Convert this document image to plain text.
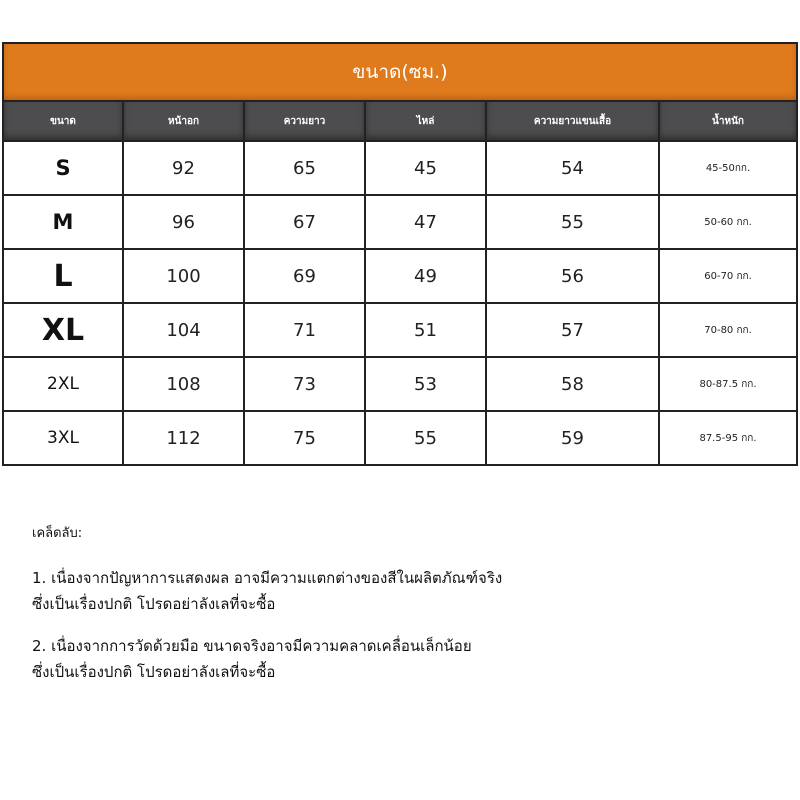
ขนาด(ซม.)
ขนาด	หน้าอก	ความยาว	ไหล่	ความยาวแขนเสื้อ	น้ำหนัก
S	92	65	45	54	45-50กก.
M	96	67	47	55	50-60 กก.
L	100	69	49	56	60-70 กก.
XL	104	71	51	57	70-80 กก.
2XL	108	73	53	58	80-87.5 กก.
3XL	112	75	55	59	87.5-95 กก.
เคล็ดลับ:
1. เนื่องจากปัญหาการแสดงผล อาจมีความแตกต่างของสีในผลิตภัณฑ์จริง
ซึ่งเป็นเรื่องปกติ โปรดอย่าลังเลที่จะซื้อ
2. เนื่องจากการวัดด้วยมือ ขนาดจริงอาจมีความคลาดเคลื่อนเล็กน้อย
ซึ่งเป็นเรื่องปกติ โปรดอย่าลังเลที่จะซื้อ
